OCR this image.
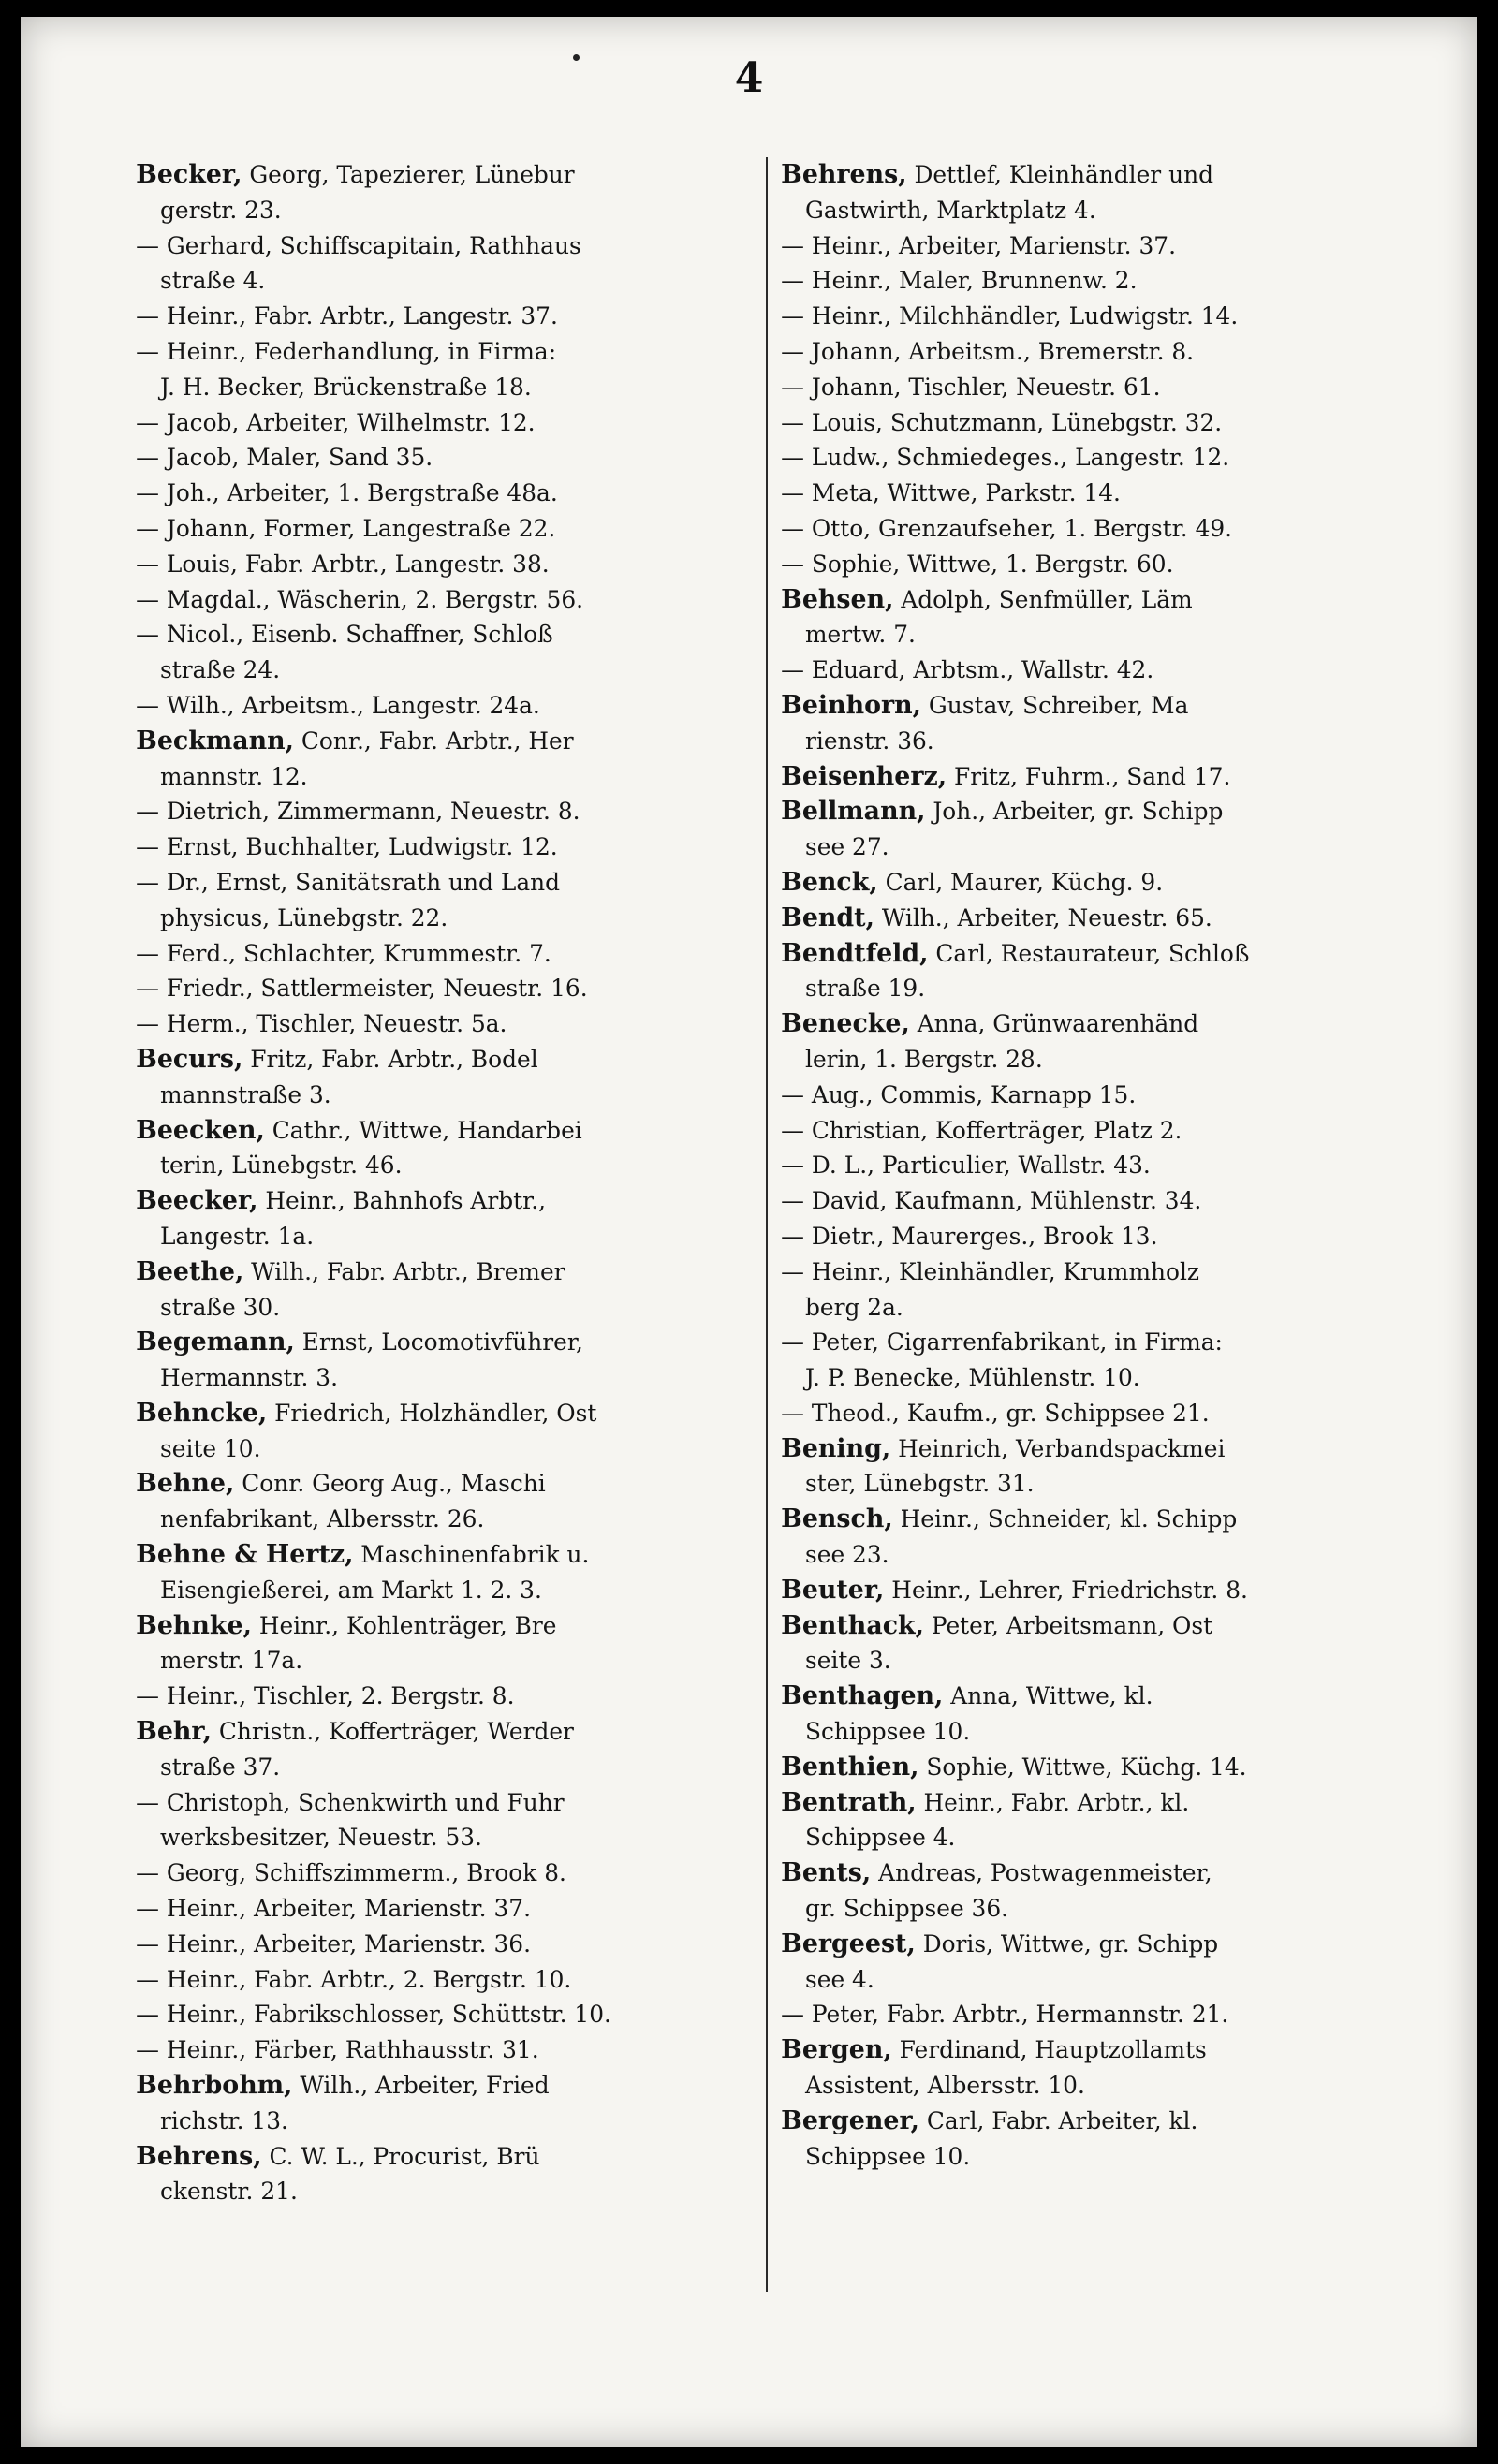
4
Becker, Georg, Tapezierer, Lünebur
gerstr. 23.
— Gerhard, Schiffscapitain, Rathhaus
straße 4.
— Heinr., Fabr. Arbtr., Langestr. 37.
— Heinr., Federhandlung, in Firma:
J. H. Becker, Brückenstraße 18.
— Jacob, Arbeiter, Wilhelmstr. 12.
— Jacob, Maler, Sand 35.
— Joh., Arbeiter, 1. Bergstraße 48a.
— Johann, Former, Langestraße 22.
— Louis, Fabr. Arbtr., Langestr. 38.
— Magdal., Wäscherin, 2. Bergstr. 56.
— Nicol., Eisenb. Schaffner, Schloß
straße 24.
— Wilh., Arbeitsm., Langestr. 24a.
Beckmann, Conr., Fabr. Arbtr., Her
mannstr. 12.
— Dietrich, Zimmermann, Neuestr. 8.
— Ernst, Buchhalter, Ludwigstr. 12.
— Dr., Ernst, Sanitätsrath und Land
physicus, Lünebgstr. 22.
— Ferd., Schlachter, Krummestr. 7.
— Friedr., Sattlermeister, Neuestr. 16.
— Herm., Tischler, Neuestr. 5a.
Becurs, Fritz, Fabr. Arbtr., Bodel
mannstraße 3.
Beecken, Cathr., Wittwe, Handarbei
terin, Lünebgstr. 46.
Beecker, Heinr., Bahnhofs Arbtr.,
Langestr. 1a.
Beethe, Wilh., Fabr. Arbtr., Bremer
straße 30.
Begemann, Ernst, Locomotivführer,
Hermannstr. 3.
Behncke, Friedrich, Holzhändler, Ost
seite 10.
Behne, Conr. Georg Aug., Maschi
nenfabrikant, Albersstr. 26.
Behne & Hertz, Maschinenfabrik u.
Eisengießerei, am Markt 1. 2. 3.
Behnke, Heinr., Kohlenträger, Bre
merstr. 17a.
— Heinr., Tischler, 2. Bergstr. 8.
Behr, Christn., Kofferträger, Werder
straße 37.
— Christoph, Schenkwirth und Fuhr
werksbesitzer, Neuestr. 53.
— Georg, Schiffszimmerm., Brook 8.
— Heinr., Arbeiter, Marienstr. 37.
— Heinr., Arbeiter, Marienstr. 36.
— Heinr., Fabr. Arbtr., 2. Bergstr. 10.
— Heinr., Fabrikschlosser, Schüttstr. 10.
— Heinr., Färber, Rathhausstr. 31.
Behrbohm, Wilh., Arbeiter, Fried
richstr. 13.
Behrens, C. W. L., Procurist, Brü
ckenstr. 21.
Behrens, Dettlef, Kleinhändler und
Gastwirth, Marktplatz 4.
— Heinr., Arbeiter, Marienstr. 37.
— Heinr., Maler, Brunnenw. 2.
— Heinr., Milchhändler, Ludwigstr. 14.
— Johann, Arbeitsm., Bremerstr. 8.
— Johann, Tischler, Neuestr. 61.
— Louis, Schutzmann, Lünebgstr. 32.
— Ludw., Schmiedeges., Langestr. 12.
— Meta, Wittwe, Parkstr. 14.
— Otto, Grenzaufseher, 1. Bergstr. 49.
— Sophie, Wittwe, 1. Bergstr. 60.
Behsen, Adolph, Senfmüller, Läm
mertw. 7.
— Eduard, Arbtsm., Wallstr. 42.
Beinhorn, Gustav, Schreiber, Ma
rienstr. 36.
Beisenherz, Fritz, Fuhrm., Sand 17.
Bellmann, Joh., Arbeiter, gr. Schipp
see 27.
Benck, Carl, Maurer, Küchg. 9.
Bendt, Wilh., Arbeiter, Neuestr. 65.
Bendtfeld, Carl, Restaurateur, Schloß
straße 19.
Benecke, Anna, Grünwaarenhänd
lerin, 1. Bergstr. 28.
— Aug., Commis, Karnapp 15.
— Christian, Kofferträger, Platz 2.
— D. L., Particulier, Wallstr. 43.
— David, Kaufmann, Mühlenstr. 34.
— Dietr., Maurerges., Brook 13.
— Heinr., Kleinhändler, Krummholz
berg 2a.
— Peter, Cigarrenfabrikant, in Firma:
J. P. Benecke, Mühlenstr. 10.
— Theod., Kaufm., gr. Schippsee 21.
Bening, Heinrich, Verbandspackmei
ster, Lünebgstr. 31.
Bensch, Heinr., Schneider, kl. Schipp
see 23.
Beuter, Heinr., Lehrer, Friedrichstr. 8.
Benthack, Peter, Arbeitsmann, Ost
seite 3.
Benthagen, Anna, Wittwe, kl.
Schippsee 10.
Benthien, Sophie, Wittwe, Küchg. 14.
Bentrath, Heinr., Fabr. Arbtr., kl.
Schippsee 4.
Bents, Andreas, Postwagenmeister,
gr. Schippsee 36.
Bergeest, Doris, Wittwe, gr. Schipp
see 4.
— Peter, Fabr. Arbtr., Hermannstr. 21.
Bergen, Ferdinand, Hauptzollamts
Assistent, Albersstr. 10.
Bergener, Carl, Fabr. Arbeiter, kl.
Schippsee 10.
